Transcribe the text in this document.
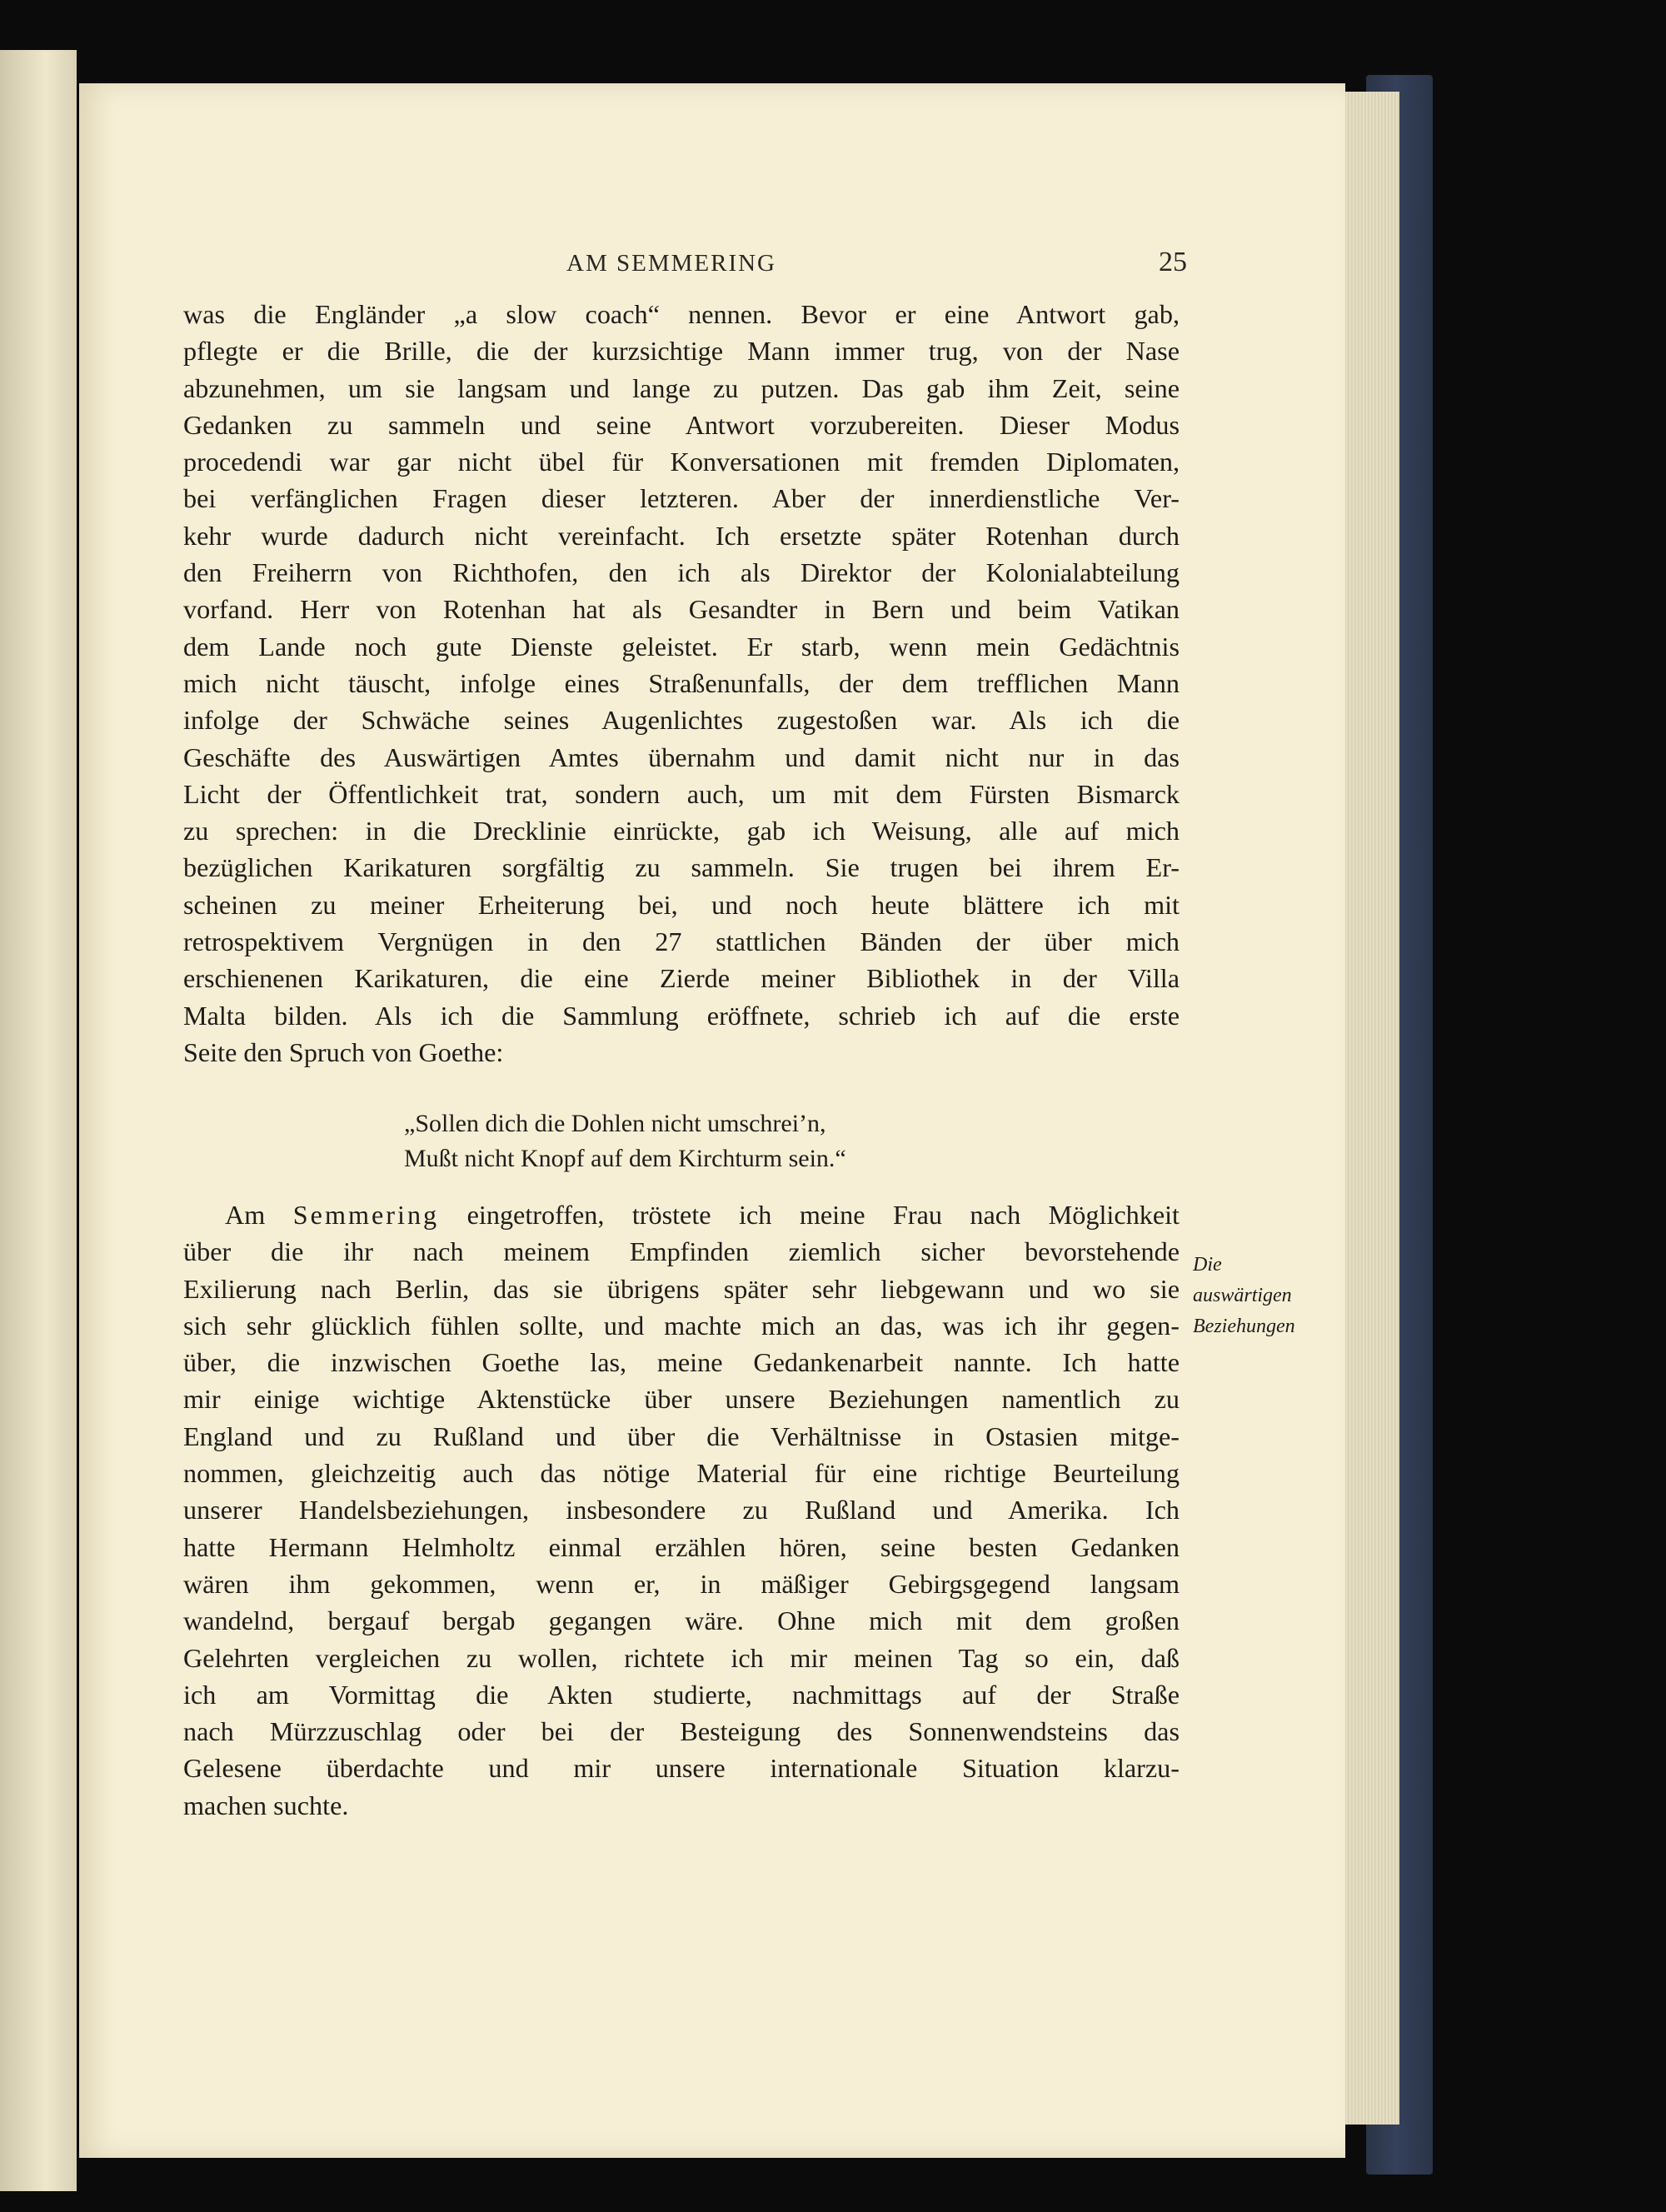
AM SEMMERING	25
was die Engländer „a slow coach“ nennen. Bevor er eine Antwort gab,
pflegte er die Brille, die der kurzsichtige Mann immer trug, von der Nase
abzunehmen, um sie langsam und lange zu putzen. Das gab ihm Zeit, seine
Gedanken zu sammeln und seine Antwort vorzubereiten. Dieser Modus
procedendi war gar nicht übel für Konversationen mit fremden Diplomaten,
bei verfänglichen Fragen dieser letzteren. Aber der innerdienstliche Ver-
kehr wurde dadurch nicht vereinfacht. Ich ersetzte später Rotenhan durch
den Freiherrn von Richthofen, den ich als Direktor der Kolonialabteilung
vorfand. Herr von Rotenhan hat als Gesandter in Bern und beim Vatikan
dem Lande noch gute Dienste geleistet. Er starb, wenn mein Gedächtnis
mich nicht täuscht, infolge eines Straßenunfalls, der dem trefflichen Mann
infolge der Schwäche seines Augenlichtes zugestoßen war. Als ich die
Geschäfte des Auswärtigen Amtes übernahm und damit nicht nur in das
Licht der Öffentlichkeit trat, sondern auch, um mit dem Fürsten Bismarck
zu sprechen: in die Drecklinie einrückte, gab ich Weisung, alle auf mich
bezüglichen Karikaturen sorgfältig zu sammeln. Sie trugen bei ihrem Er-
scheinen zu meiner Erheiterung bei, und noch heute blättere ich mit
retrospektivem Vergnügen in den 27 stattlichen Bänden der über mich
erschienenen Karikaturen, die eine Zierde meiner Bibliothek in der Villa
Malta bilden. Als ich die Sammlung eröffnete, schrieb ich auf die erste
Seite den Spruch von Goethe:
„Sollen dich die Dohlen nicht umschrei’n,
Mußt nicht Knopf auf dem Kirchturm sein.“
Am Semmering eingetroffen, tröstete ich meine Frau nach Möglichkeit
über die ihr nach meinem Empfinden ziemlich sicher bevorstehende
Exilierung nach Berlin, das sie übrigens später sehr liebgewann und wo sie
sich sehr glücklich fühlen sollte, und machte mich an das, was ich ihr gegen-
über, die inzwischen Goethe las, meine Gedankenarbeit nannte. Ich hatte
mir einige wichtige Aktenstücke über unsere Beziehungen namentlich zu
England und zu Rußland und über die Verhältnisse in Ostasien mitge-
nommen, gleichzeitig auch das nötige Material für eine richtige Beurteilung
unserer Handelsbeziehungen, insbesondere zu Rußland und Amerika. Ich
hatte Hermann Helmholtz einmal erzählen hören, seine besten Gedanken
wären ihm gekommen, wenn er, in mäßiger Gebirgsgegend langsam
wandelnd, bergauf bergab gegangen wäre. Ohne mich mit dem großen
Gelehrten vergleichen zu wollen, richtete ich mir meinen Tag so ein, daß
ich am Vormittag die Akten studierte, nachmittags auf der Straße
nach Mürzzuschlag oder bei der Besteigung des Sonnenwendsteins das
Gelesene überdachte und mir unsere internationale Situation klarzu-
machen suchte.
Die
auswärtigen
Beziehungen
